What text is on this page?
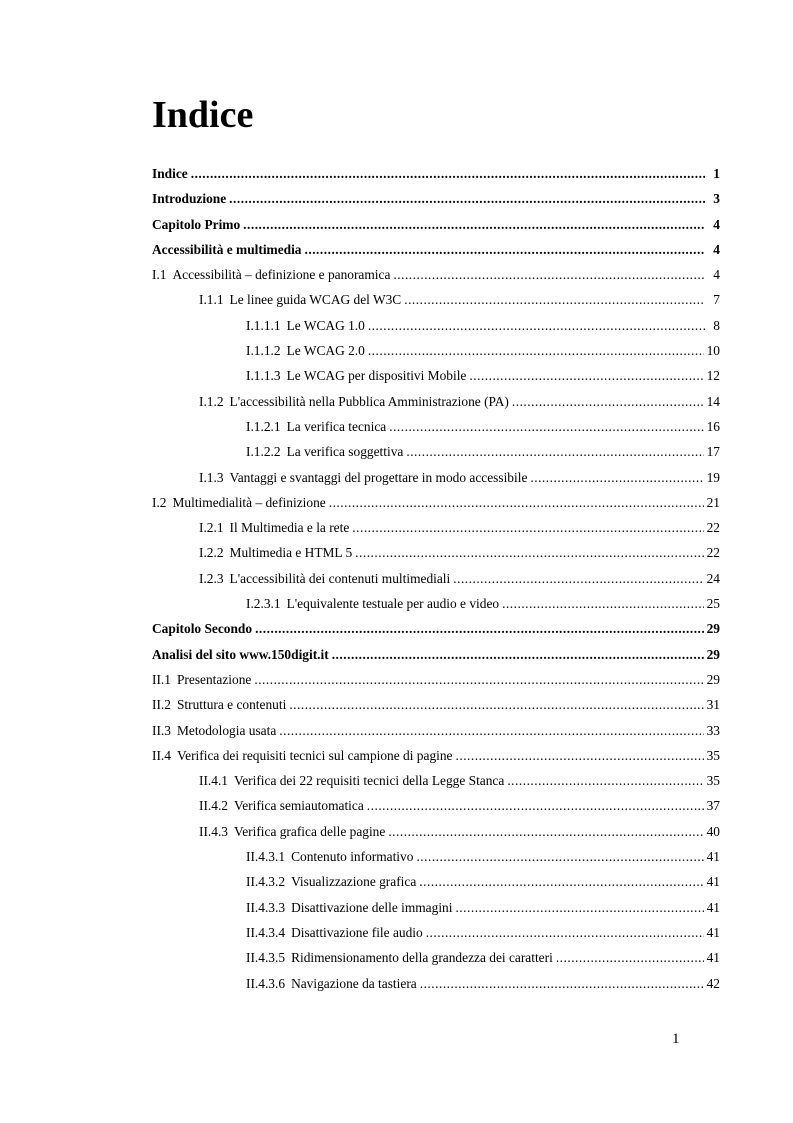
Indice
Indice .....	1
Introduzione .....	3
Capitolo Primo .....	4
Accessibilità e multimedia .....	4
I.1 Accessibilità – definizione e panoramica .....	4
I.1.1 Le linee guida WCAG del W3C .....	7
I.1.1.1 Le WCAG 1.0 .....	8
I.1.1.2 Le WCAG 2.0 .....	10
I.1.1.3 Le WCAG per dispositivi Mobile .....	12
I.1.2 L'accessibilità nella Pubblica Amministrazione (PA) .....	14
I.1.2.1 La verifica tecnica .....	16
I.1.2.2 La verifica soggettiva .....	17
I.1.3 Vantaggi e svantaggi del progettare in modo accessibile .....	19
I.2 Multimedialità – definizione .....	21
I.2.1 Il Multimedia e la rete .....	22
I.2.2 Multimedia e HTML 5 .....	22
I.2.3 L'accessibilità dei contenuti multimediali .....	24
I.2.3.1 L'equivalente testuale per audio e video .....	25
Capitolo Secondo .....	29
Analisi del sito www.150digit.it .....	29
II.1 Presentazione .....	29
II.2 Struttura e contenuti .....	31
II.3 Metodologia usata .....	33
II.4 Verifica dei requisiti tecnici sul campione di pagine .....	35
II.4.1 Verifica dei 22 requisiti tecnici della Legge Stanca .....	35
II.4.2 Verifica semiautomatica .....	37
II.4.3 Verifica grafica delle pagine .....	40
II.4.3.1 Contenuto informativo .....	41
II.4.3.2 Visualizzazione grafica .....	41
II.4.3.3 Disattivazione delle immagini .....	41
II.4.3.4 Disattivazione file audio .....	41
II.4.3.5 Ridimensionamento della grandezza dei caratteri .....	41
II.4.3.6 Navigazione da tastiera .....	42
1
